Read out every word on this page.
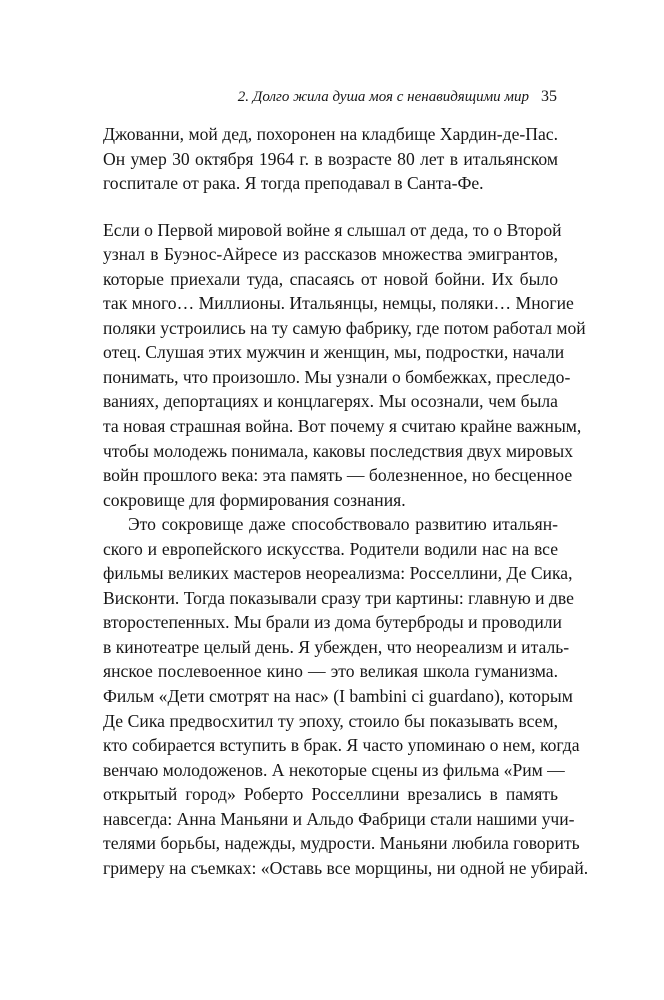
2. Долго жила душа моя с ненавидящими мир 35
Джованни, мой дед, похоронен на кладбище Хардин-де-Пас.
Он умер 30 октября 1964 г. в возрасте 80 лет в итальянском
госпитале от рака. Я тогда преподавал в Санта-Фе.
Если о Первой мировой войне я слышал от деда, то о Второй
узнал в Буэнос-Айресе из рассказов множества эмигрантов,
которые приехали туда, спасаясь от новой бойни. Их было
так много… Миллионы. Итальянцы, немцы, поляки… Многие
поляки устроились на ту самую фабрику, где потом работал мой
отец. Слушая этих мужчин и женщин, мы, подростки, начали
понимать, что произошло. Мы узнали о бомбежках, преследо-
ваниях, депортациях и концлагерях. Мы осознали, чем была
та новая страшная война. Вот почему я считаю крайне важным,
чтобы молодежь понимала, каковы последствия двух мировых
войн прошлого века: эта память — болезненное, но бесценное
сокровище для формирования сознания.
Это сокровище даже способствовало развитию итальян-
ского и европейского искусства. Родители водили нас на все
фильмы великих мастеров неореализма: Росселлини, Де Сика,
Висконти. Тогда показывали сразу три картины: главную и две
второстепенных. Мы брали из дома бутерброды и проводили
в кинотеатре целый день. Я убежден, что неореализм и италь-
янское послевоенное кино — это великая школа гуманизма.
Фильм «Дети смотрят на нас» (I bambini ci guardano), которым
Де Сика предвосхитил ту эпоху, стоило бы показывать всем,
кто собирается вступить в брак. Я часто упоминаю о нем, когда
венчаю молодоженов. А некоторые сцены из фильма «Рим —
открытый город» Роберто Росселлини врезались в память
навсегда: Анна Маньяни и Альдо Фабрици стали нашими учи-
телями борьбы, надежды, мудрости. Маньяни любила говорить
гримеру на съемках: «Оставь все морщины, ни одной не убирай.
